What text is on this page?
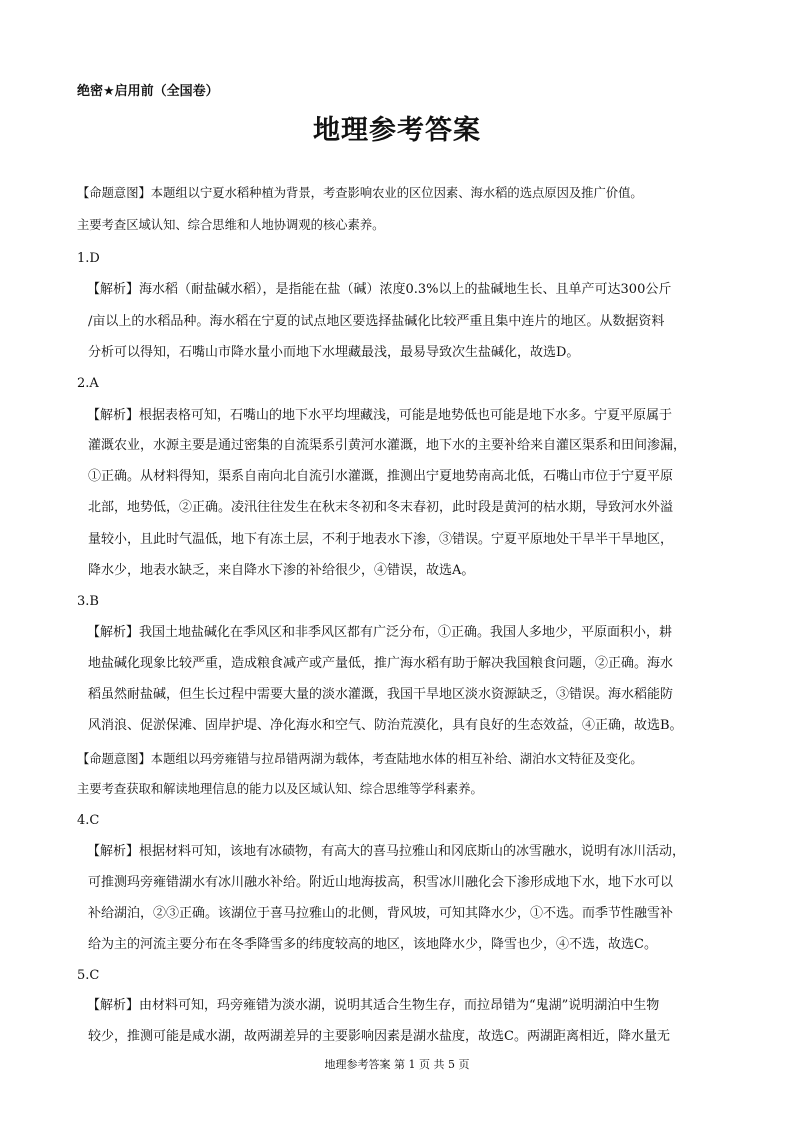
绝密★启用前（全国卷）
地理参考答案
【命题意图】本题组以宁夏水稻种植为背景，考查影响农业的区位因素、海水稻的选点原因及推广价值。
主要考查区域认知、综合思维和人地协调观的核心素养。
1.D
【解析】海水稻（耐盐碱水稻），是指能在盐（碱）浓度0.3%以上的盐碱地生长、且单产可达300公斤
/亩以上的水稻品种。海水稻在宁夏的试点地区要选择盐碱化比较严重且集中连片的地区。从数据资料
分析可以得知，石嘴山市降水量小而地下水埋藏最浅，最易导致次生盐碱化，故选D。
2.A
【解析】根据表格可知，石嘴山的地下水平均埋藏浅，可能是地势低也可能是地下水多。宁夏平原属于
灌溉农业，水源主要是通过密集的自流渠系引黄河水灌溉，地下水的主要补给来自灌区渠系和田间渗漏，
①正确。从材料得知，渠系自南向北自流引水灌溉，推测出宁夏地势南高北低，石嘴山市位于宁夏平原
北部，地势低，②正确。凌汛往往发生在秋末冬初和冬末春初，此时段是黄河的枯水期，导致河水外溢
量较小，且此时气温低，地下有冻土层，不利于地表水下渗，③错误。宁夏平原地处干旱半干旱地区，
降水少，地表水缺乏，来自降水下渗的补给很少，④错误，故选A。
3.B
【解析】我国土地盐碱化在季风区和非季风区都有广泛分布，①正确。我国人多地少，平原面积小，耕
地盐碱化现象比较严重，造成粮食减产或产量低，推广海水稻有助于解决我国粮食问题，②正确。海水
稻虽然耐盐碱，但生长过程中需要大量的淡水灌溉，我国干旱地区淡水资源缺乏，③错误。海水稻能防
风消浪、促淤保滩、固岸护堤、净化海水和空气、防治荒漠化，具有良好的生态效益，④正确，故选B。
【命题意图】本题组以玛旁雍错与拉昂错两湖为载体，考查陆地水体的相互补给、湖泊水文特征及变化。
主要考查获取和解读地理信息的能力以及区域认知、综合思维等学科素养。
4.C
【解析】根据材料可知，该地有冰碛物，有高大的喜马拉雅山和冈底斯山的冰雪融水，说明有冰川活动，
可推测玛旁雍错湖水有冰川融水补给。附近山地海拔高，积雪冰川融化会下渗形成地下水，地下水可以
补给湖泊，②③正确。该湖位于喜马拉雅山的北侧，背风坡，可知其降水少，①不选。而季节性融雪补
给为主的河流主要分布在冬季降雪多的纬度较高的地区，该地降水少，降雪也少，④不选，故选C。
5.C
【解析】由材料可知，玛旁雍错为淡水湖，说明其适合生物生存，而拉昂错为“鬼湖”说明湖泊中生物
较少，推测可能是咸水湖，故两湖差异的主要影响因素是湖水盐度，故选C。两湖距离相近，降水量无
地理参考答案 第 1 页 共 5 页
